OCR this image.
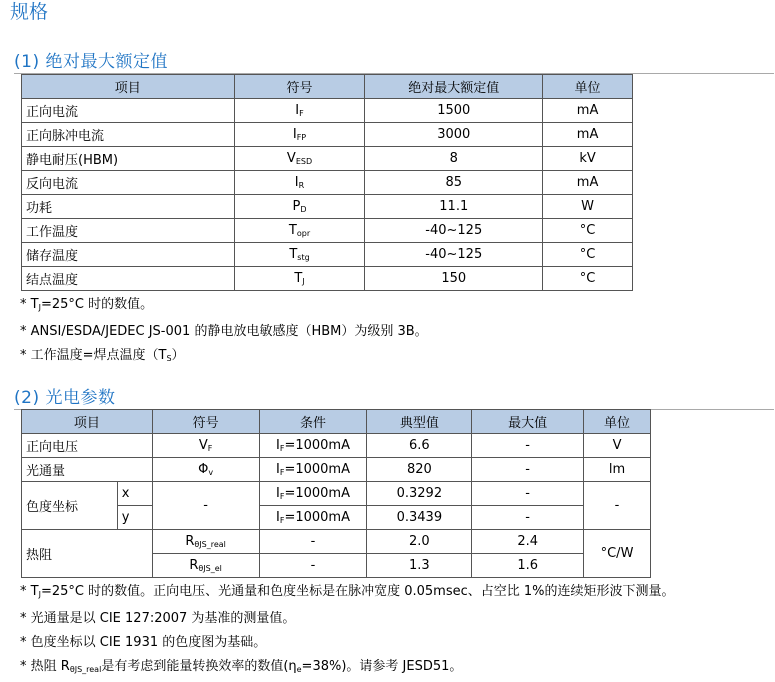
规格
(1) 绝对最大额定值
项目	符号	绝对最大额定值	单位
正向电流	$I_F$	1500	mA
正向脉冲电流	$I_{FP}$	3000	mA
静电耐压(HBM)	$V_{ESD}$	8	kV
反向电流	$I_R$	85	mA
功耗	$P_D$	11.1	W
工作温度	$T_{opr}$	-40~125	°C
储存温度	$T_{stg}$	-40~125	°C
结点温度	$T_J$	150	°C
* $T_J=25^\circ C$ 时的数值。
* ANSI/ESDA/JEDEC JS-001 的静电放电敏感度（HBM）为级别 3B。
* 工作温度=焊点温度$(T_S)$
(2) 光电参数
项目		符号	条件	典型值	最大值	单位
正向电压		$V_F$	$I_F=1000mA$	6.6	-	V
光通量		$\Phi_v$	$I_F=1000mA$	820	-	lm
色度坐标	x	-	$I_F=1000mA$	0.3292	-	-
	y		$I_F=1000mA$	0.3439	-	
热阻		$R_{\theta JS\_real}$	-	2.0	2.4	°C/W
		$R_{\theta JS\_el}$	-	1.3	1.6	
* $T_J=25^\circ C$ 时的数值。正向电压、光通量和色度坐标是在脉冲宽度 0.05msec、占空比 1%的连续矩形波下测量。
* 光通量是以 CIE 127:2007 为基准的测量值。
* 色度坐标以 CIE 1931 的色度图为基础。
* 热阻 $R_{\theta JS\_real}$是有考虑到能量转换效率的数值$(\eta_e=38\%)$。请参考 JESD51。
